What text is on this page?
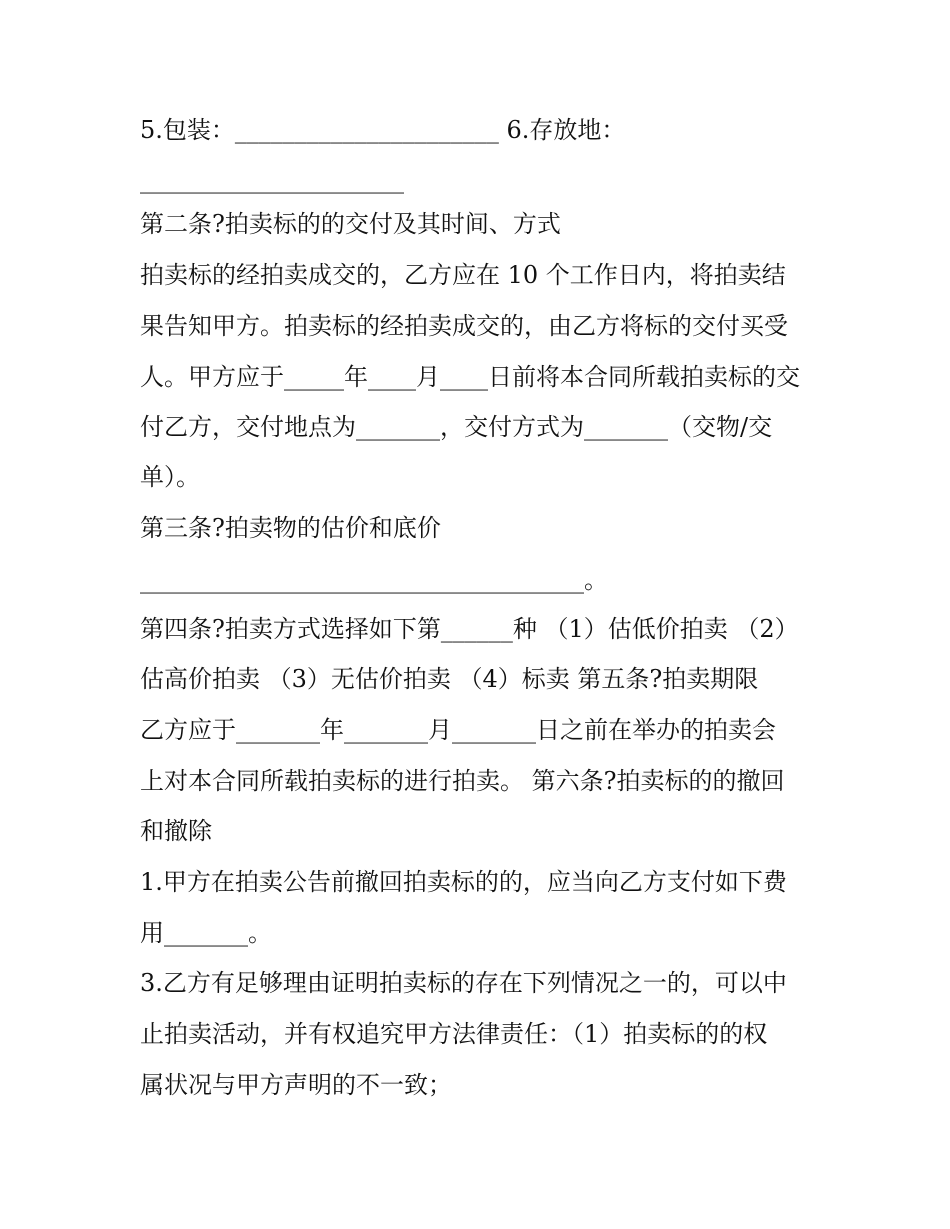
5.包装：______________________ 6.存放地：
______________________
第二条?拍卖标的的交付及其时间、方式
拍卖标的经拍卖成交的，乙方应在 10 个工作日内，将拍卖结
果告知甲方。拍卖标的经拍卖成交的，由乙方将标的交付买受
人。甲方应于_____年____月____日前将本合同所载拍卖标的交
付乙方，交付地点为_______，交付方式为_______（交物/交
单）。
第三条?拍卖物的估价和底价
_____________________________________。
第四条?拍卖方式选择如下第______种 （1）估低价拍卖 （2）
估高价拍卖 （3）无估价拍卖 （4）标卖 第五条?拍卖期限
乙方应于_______年_______月_______日之前在举办的拍卖会
上对本合同所载拍卖标的进行拍卖。 第六条?拍卖标的的撤回
和撤除
1.甲方在拍卖公告前撤回拍卖标的的，应当向乙方支付如下费
用_______。
3.乙方有足够理由证明拍卖标的存在下列情况之一的，可以中
止拍卖活动，并有权追究甲方法律责任：（1）拍卖标的的权
属状况与甲方声明的不一致；
